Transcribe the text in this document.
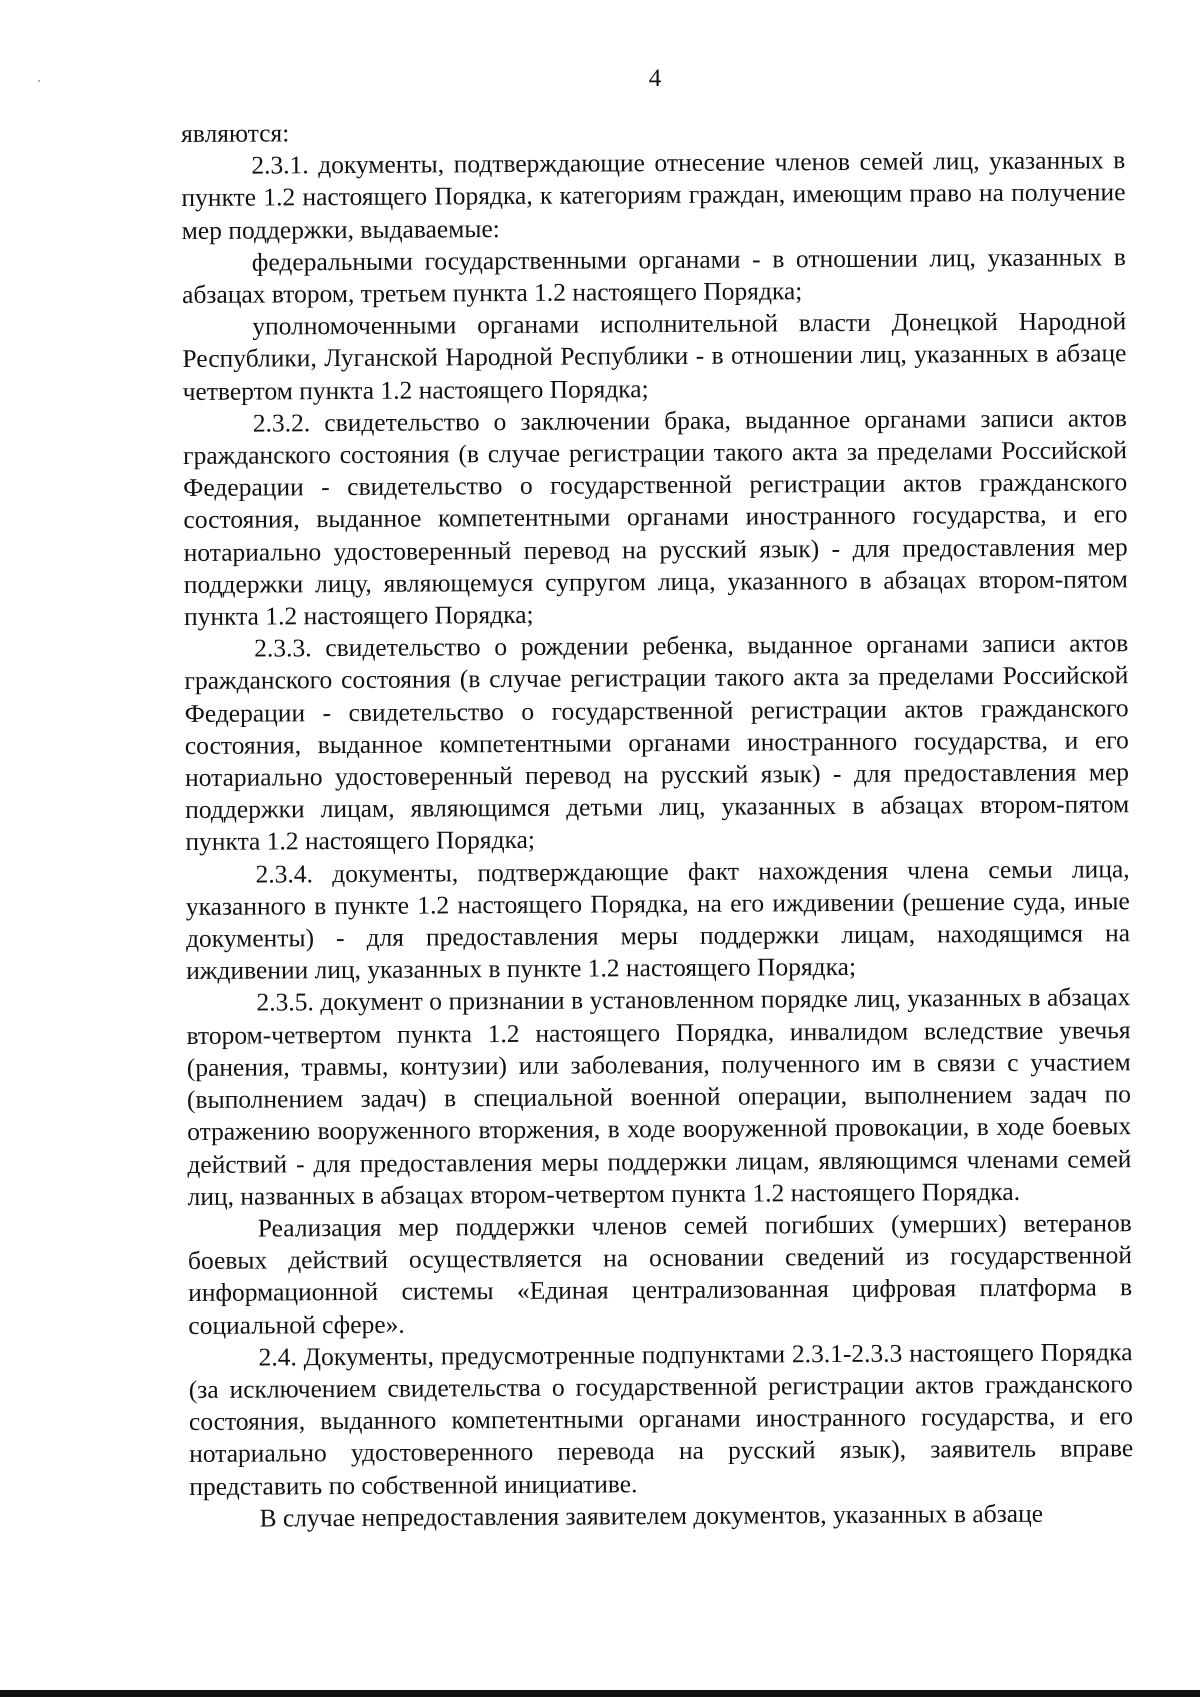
4

являются:

2.3.1. документы, подтверждающие отнесение членов семей лиц, указанных в пункте 1.2 настоящего Порядка, к категориям граждан, имеющим право на получение мер поддержки, выдаваемые:

федеральными государственными органами - в отношении лиц, указанных в абзацах втором, третьем пункта 1.2 настоящего Порядка;

уполномоченными органами исполнительной власти Донецкой Народной Республики, Луганской Народной Республики - в отношении лиц, указанных в абзаце четвертом пункта 1.2 настоящего Порядка;

2.3.2. свидетельство о заключении брака, выданное органами записи актов гражданского состояния (в случае регистрации такого акта за пределами Российской Федерации - свидетельство о государственной регистрации актов гражданского состояния, выданное компетентными органами иностранного государства, и его нотариально удостоверенный перевод на русский язык) - для предоставления мер поддержки лицу, являющемуся супругом лица, указанного в абзацах втором-пятом пункта 1.2 настоящего Порядка;

2.3.3. свидетельство о рождении ребенка, выданное органами записи актов гражданского состояния (в случае регистрации такого акта за пределами Российской Федерации - свидетельство о государственной регистрации актов гражданского состояния, выданное компетентными органами иностранного государства, и его нотариально удостоверенный перевод на русский язык) - для предоставления мер поддержки лицам, являющимся детьми лиц, указанных в абзацах втором-пятом пункта 1.2 настоящего Порядка;

2.3.4. документы, подтверждающие факт нахождения члена семьи лица, указанного в пункте 1.2 настоящего Порядка, на его иждивении (решение суда, иные документы) - для предоставления меры поддержки лицам, находящимся на иждивении лиц, указанных в пункте 1.2 настоящего Порядка;

2.3.5. документ о признании в установленном порядке лиц, указанных в абзацах втором-четвертом пункта 1.2 настоящего Порядка, инвалидом вследствие увечья (ранения, травмы, контузии) или заболевания, полученного им в связи с участием (выполнением задач) в специальной военной операции, выполнением задач по отражению вооруженного вторжения, в ходе вооруженной провокации, в ходе боевых действий - для предоставления меры поддержки лицам, являющимся членами семей лиц, названных в абзацах втором-четвертом пункта 1.2 настоящего Порядка.

Реализация мер поддержки членов семей погибших (умерших) ветеранов боевых действий осуществляется на основании сведений из государственной информационной системы «Единая централизованная цифровая платформа в социальной сфере».

2.4. Документы, предусмотренные подпунктами 2.3.1-2.3.3 настоящего Порядка (за исключением свидетельства о государственной регистрации актов гражданского состояния, выданного компетентными органами иностранного государства, и его нотариально удостоверенного перевода на русский язык), заявитель вправе представить по собственной инициативе.

В случае непредоставления заявителем документов, указанных в абзаце
